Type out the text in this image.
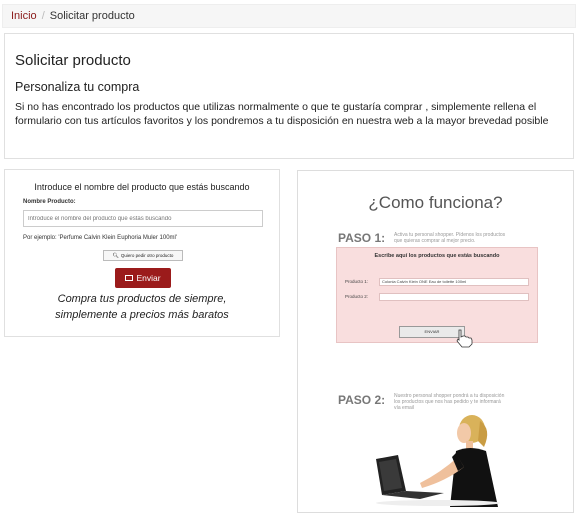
Inicio / Solicitar producto
Solicitar producto
Personaliza tu compra

Si no has encontrado los productos que utilizas normalmente o que te gustaría comprar , simplemente rellena el formulario con tus artículos favoritos y los pondremos a tu disposición en nuestra web a la mayor brevedad posible

Introduce el nombre del producto que estás buscando
Nombre Producto:
Introduce el nombre del producto que estás buscando
Por ejemplo: 'Perfume Calvin Klein Euphoria Muler 100ml'
🔍︎ Quiero pedir otro producto
Enviar
Compra tus productos de siempre,
simplemente a precios más baratos
¿Como funciona?
PASO 1: Activa tu personal shopper. Pídenos los productos
que quieras comprar al mejor precio.
Escribe aquí los productos que estás buscando
Producto 1:	Colonia Calvin Klein ONE Eau de toilette 100ml
Producto 2:
ENVIAR
PASO 2: Nuestro personal shopper pondrá a tu disposición
los productos que nos has pedido y te informará
vía email
